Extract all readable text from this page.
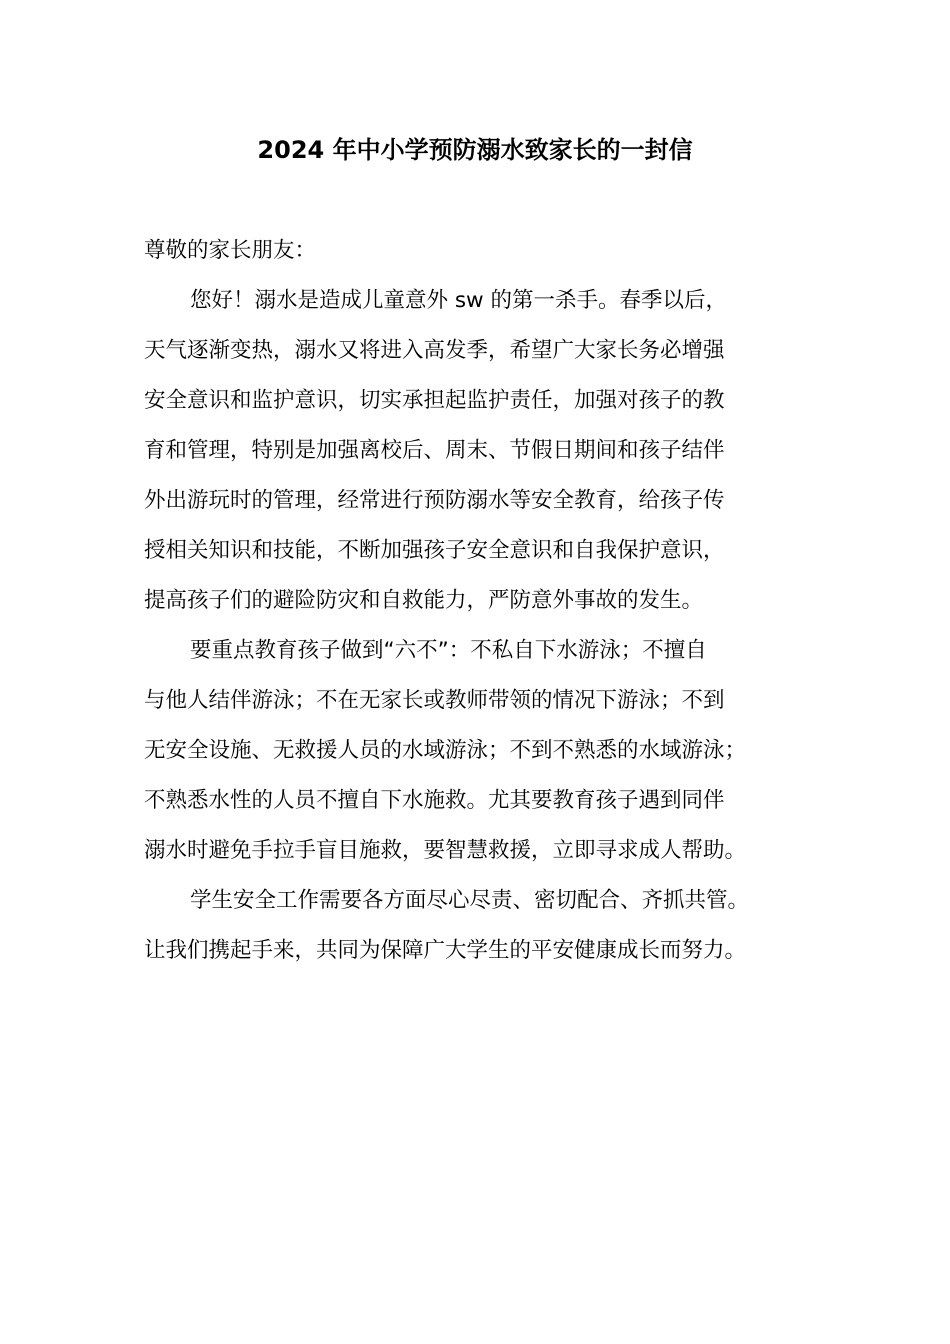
2024 年中小学预防溺水致家长的一封信
尊敬的家长朋友：
您好！溺水是造成儿童意外 sw 的第一杀手。春季以后，
天气逐渐变热，溺水又将进入高发季，希望广大家长务必增强
安全意识和监护意识，切实承担起监护责任，加强对孩子的教
育和管理，特别是加强离校后、周末、节假日期间和孩子结伴
外出游玩时的管理，经常进行预防溺水等安全教育，给孩子传
授相关知识和技能，不断加强孩子安全意识和自我保护意识，
提高孩子们的避险防灾和自救能力，严防意外事故的发生。
要重点教育孩子做到“六不”：不私自下水游泳；不擅自
与他人结伴游泳；不在无家长或教师带领的情况下游泳；不到
无安全设施、无救援人员的水域游泳；不到不熟悉的水域游泳；
不熟悉水性的人员不擅自下水施救。尤其要教育孩子遇到同伴
溺水时避免手拉手盲目施救，要智慧救援，立即寻求成人帮助。
学生安全工作需要各方面尽心尽责、密切配合、齐抓共管。
让我们携起手来，共同为保障广大学生的平安健康成长而努力。
